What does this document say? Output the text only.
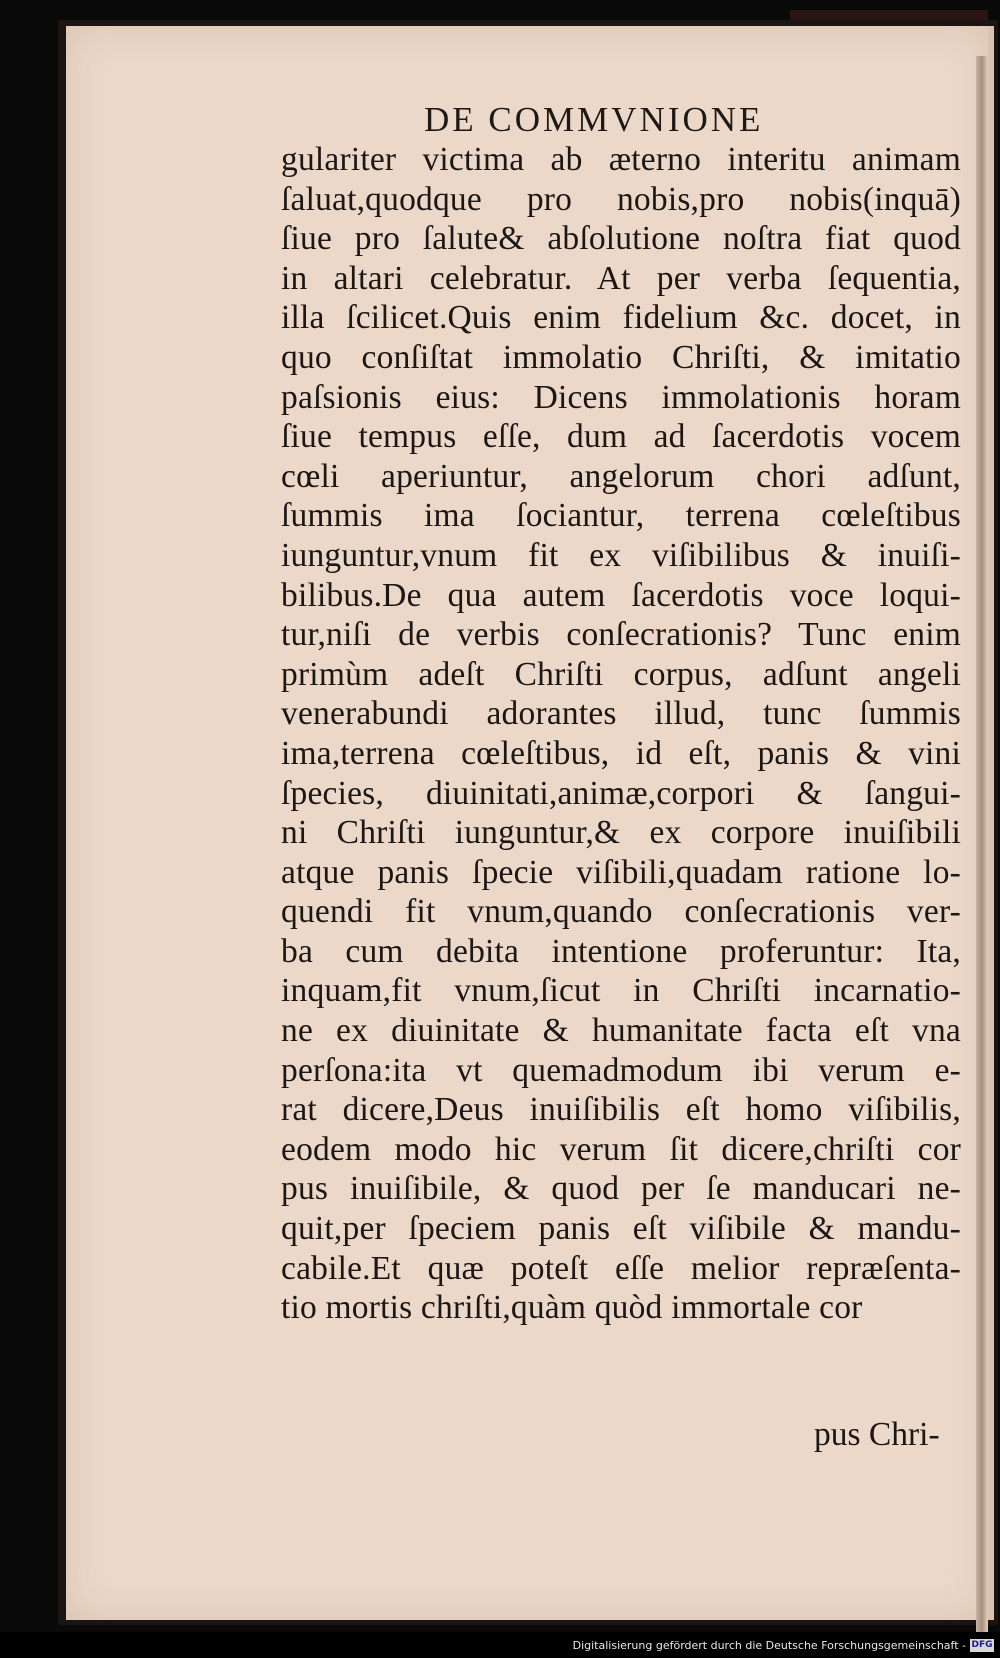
DE COMMVNIONE
gulariter victima ab æterno interitu animam
ſaluat,quodque pro nobis,pro nobis(inquā)
ſiue pro ſalute& abſolutione noſtra fiat quod
in altari celebratur. At per verba ſequentia,
illa ſcilicet.Quis enim fidelium &c. docet, in
quo conſiſtat immolatio Chriſti, & imitatio
paſsionis eius: Dicens immolationis horam
ſiue tempus eſſe, dum ad ſacerdotis vocem
cœli aperiuntur, angelorum chori adſunt,
ſummis ima ſociantur, terrena cœleſtibus
iunguntur,vnum fit ex viſibilibus & inuiſi-
bilibus.De qua autem ſacerdotis voce loqui-
tur,niſi de verbis conſecrationis? Tunc enim
primùm adeſt Chriſti corpus, adſunt angeli
venerabundi adorantes illud, tunc ſummis
ima,terrena cœleſtibus, id eſt, panis & vini
ſpecies, diuinitati,animæ,corpori & ſangui-
ni Chriſti iunguntur,& ex corpore inuiſibili
atque panis ſpecie viſibili,quadam ratione lo-
quendi fit vnum,quando conſecrationis ver-
ba cum debita intentione proferuntur: Ita,
inquam,fit vnum,ſicut in Chriſti incarnatio-
ne ex diuinitate & humanitate facta eſt vna
perſona:ita vt quemadmodum ibi verum e-
rat dicere,Deus inuiſibilis eſt homo viſibilis,
eodem modo hic verum ſit dicere,chriſti cor
pus inuiſibile, & quod per ſe manducari ne-
quit,per ſpeciem panis eſt viſibile & mandu-
cabile.Et quæ poteſt eſſe melior repræſenta-
tio mortis chriſti,quàm quòd immortale cor
pus Chri-
Digitalisierung gefördert durch die Deutsche Forschungsgemeinschaft - DFG
